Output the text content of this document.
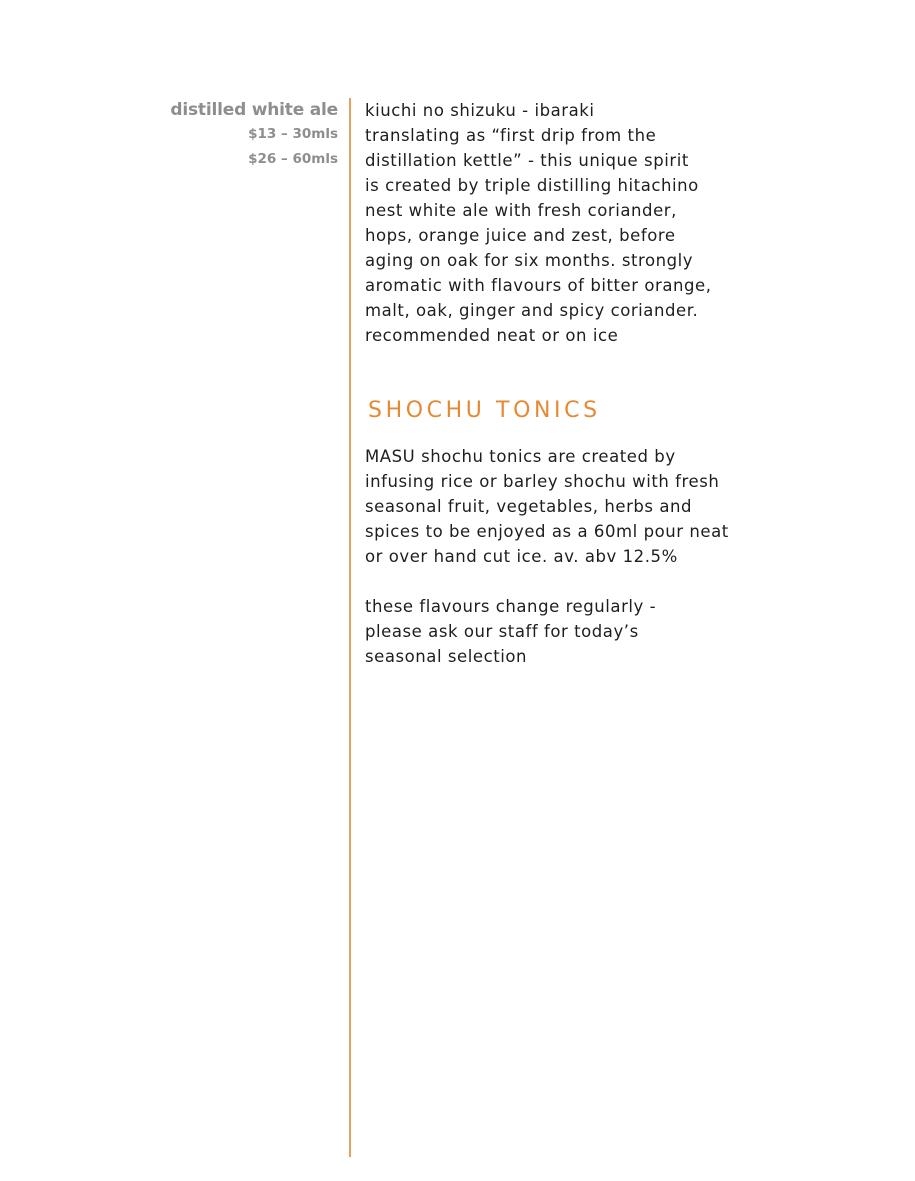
distilled white ale
$13 – 30mls
$26 – 60mls
kiuchi no shizuku - ibaraki
translating as “first drip from the
distillation kettle” - this unique spirit
is created by triple distilling hitachino
nest white ale with fresh coriander,
hops, orange juice and zest, before
aging on oak for six months. strongly
aromatic with flavours of bitter orange,
malt, oak, ginger and spicy coriander.
recommended neat or on ice
SHOCHU TONICS
MASU shochu tonics are created by
infusing rice or barley shochu with fresh
seasonal fruit, vegetables, herbs and
spices to be enjoyed as a 60ml pour neat
or over hand cut ice. av. abv 12.5%
these flavours change regularly -
please ask our staff for today’s
seasonal selection
